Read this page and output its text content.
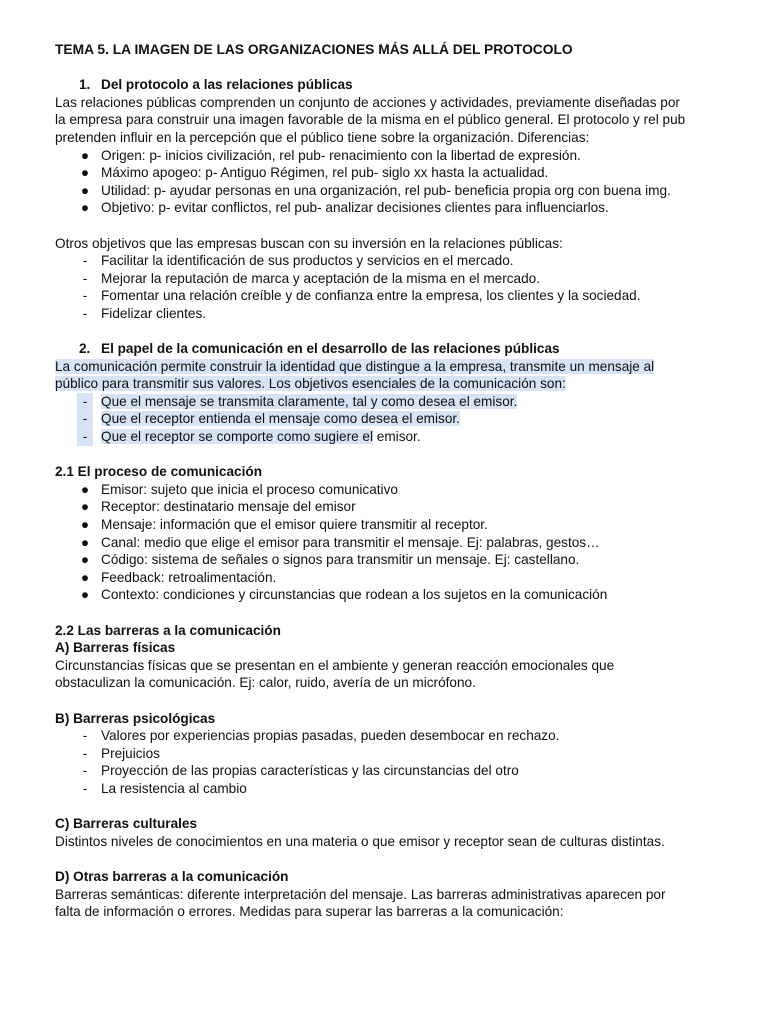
TEMA 5. LA IMAGEN DE LAS ORGANIZACIONES MÁS ALLÁ DEL PROTOCOLO

1. Del protocolo a las relaciones públicas

Las relaciones públicas comprenden un conjunto de acciones y actividades, previamente diseñadas por

la empresa para construir una imagen favorable de la misma en el público general. El protocolo y rel pub

pretenden influir en la percepción que el público tiene sobre la organización. Diferencias:

● Origen: p- inicios civilización, rel pub- renacimiento con la libertad de expresión.

● Máximo apogeo: p- Antiguo Régimen, rel pub- siglo xx hasta la actualidad.

● Utilidad: p- ayudar personas en una organización, rel pub- beneficia propia org con buena img.

● Objetivo: p- evitar conflictos, rel pub- analizar decisiones clientes para influenciarlos.

Otros objetivos que las empresas buscan con su inversión en la relaciones públicas:

-	Facilitar la identificación de sus productos y servicios en el mercado.

-	Mejorar la reputación de marca y aceptación de la misma en el mercado.

-	Fomentar una relación creíble y de confianza entre la empresa, los clientes y la sociedad.

-	Fidelizar clientes.

2. El papel de la comunicación en el desarrollo de las relaciones públicas

La comunicación permite construir la identidad que distingue a la empresa, transmite un mensaje al

público para transmitir sus valores. Los objetivos esenciales de la comunicación son:

-	Que el mensaje se transmita claramente, tal y como desea el emisor.

-	Que el receptor entienda el mensaje como desea el emisor.

-	Que el receptor se comporte como sugiere el emisor.

2.1 El proceso de comunicación

● Emisor: sujeto que inicia el proceso comunicativo

● Receptor: destinatario mensaje del emisor

● Mensaje: información que el emisor quiere transmitir al receptor.

● Canal: medio que elige el emisor para transmitir el mensaje. Ej: palabras, gestos…

● Código: sistema de señales o signos para transmitir un mensaje. Ej: castellano.

● Feedback: retroalimentación.

● Contexto: condiciones y circunstancias que rodean a los sujetos en la comunicación

2.2 Las barreras a la comunicación

A) Barreras físicas

Circunstancias físicas que se presentan en el ambiente y generan reacción emocionales que

obstaculizan la comunicación. Ej: calor, ruido, avería de un micrófono.

B) Barreras psicológicas

-	Valores por experiencias propias pasadas, pueden desembocar en rechazo.

-	Prejuicios

-	Proyección de las propias características y las circunstancias del otro

-	La resistencia al cambio

C) Barreras culturales

Distintos niveles de conocimientos en una materia o que emisor y receptor sean de culturas distintas.

D) Otras barreras a la comunicación

Barreras semánticas: diferente interpretación del mensaje. Las barreras administrativas aparecen por

falta de información o errores. Medidas para superar las barreras a la comunicación:
